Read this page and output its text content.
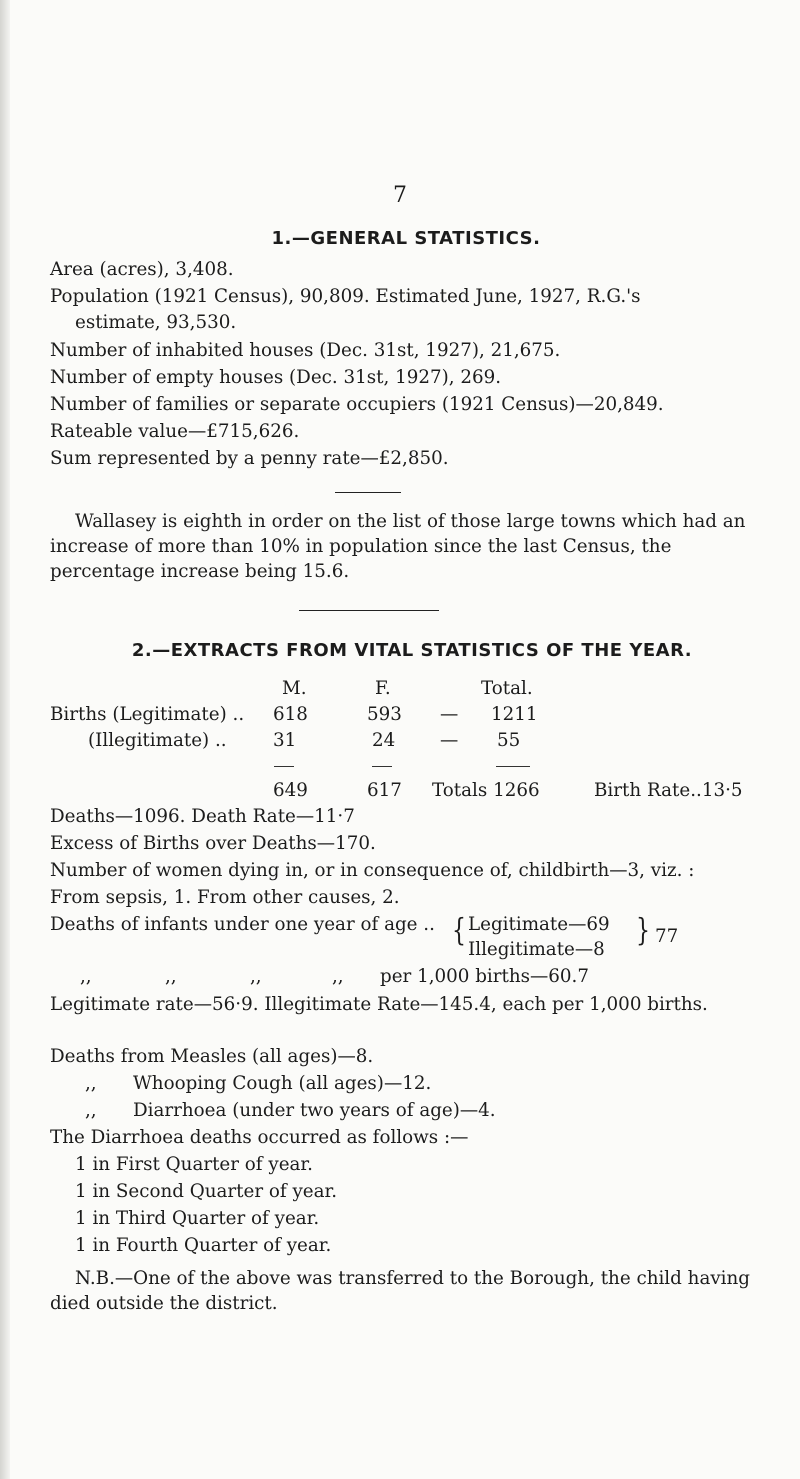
7
1.—GENERAL STATISTICS.
Area (acres), 3,408.
Population (1921 Census), 90,809. Estimated June, 1927, R.G.'s
estimate, 93,530.
Number of inhabited houses (Dec. 31st, 1927), 21,675.
Number of empty houses (Dec. 31st, 1927), 269.
Number of families or separate occupiers (1921 Census)—20,849.
Rateable value—£715,626.
Sum represented by a penny rate—£2,850.
Wallasey is eighth in order on the list of those large towns which had an increase of more than 10% in population since the last Census, the percentage increase being 15.6.
2.—EXTRACTS FROM VITAL STATISTICS OF THE YEAR.
M.	F.	Total.
Births (Legitimate) .. 618	593 — 1211
(Illegitimate) ..	31	24 — 55
649	617 Totals 1266	Birth Rate..13·5
Deaths—1096. Death Rate—11·7
Excess of Births over Deaths—170.
Number of women dying in, or in consequence of, childbirth—3, viz. :
From sepsis, 1. From other causes, 2.
Deaths of infants under one year of age .. { Legitimate—69
Illegitimate—8
} 77
,,	,,	,,	,, per 1,000 births—60.7
Legitimate rate—56·9. Illegitimate Rate—145.4, each per 1,000 births.
Deaths from Measles (all ages)—8.
,, Whooping Cough (all ages)—12.
,, Diarrhoea (under two years of age)—4.
The Diarrhoea deaths occurred as follows :—
1 in First Quarter of year.
1 in Second Quarter of year.
1 in Third Quarter of year.
1 in Fourth Quarter of year.
N.B.—One of the above was transferred to the Borough, the child having died outside the district.
